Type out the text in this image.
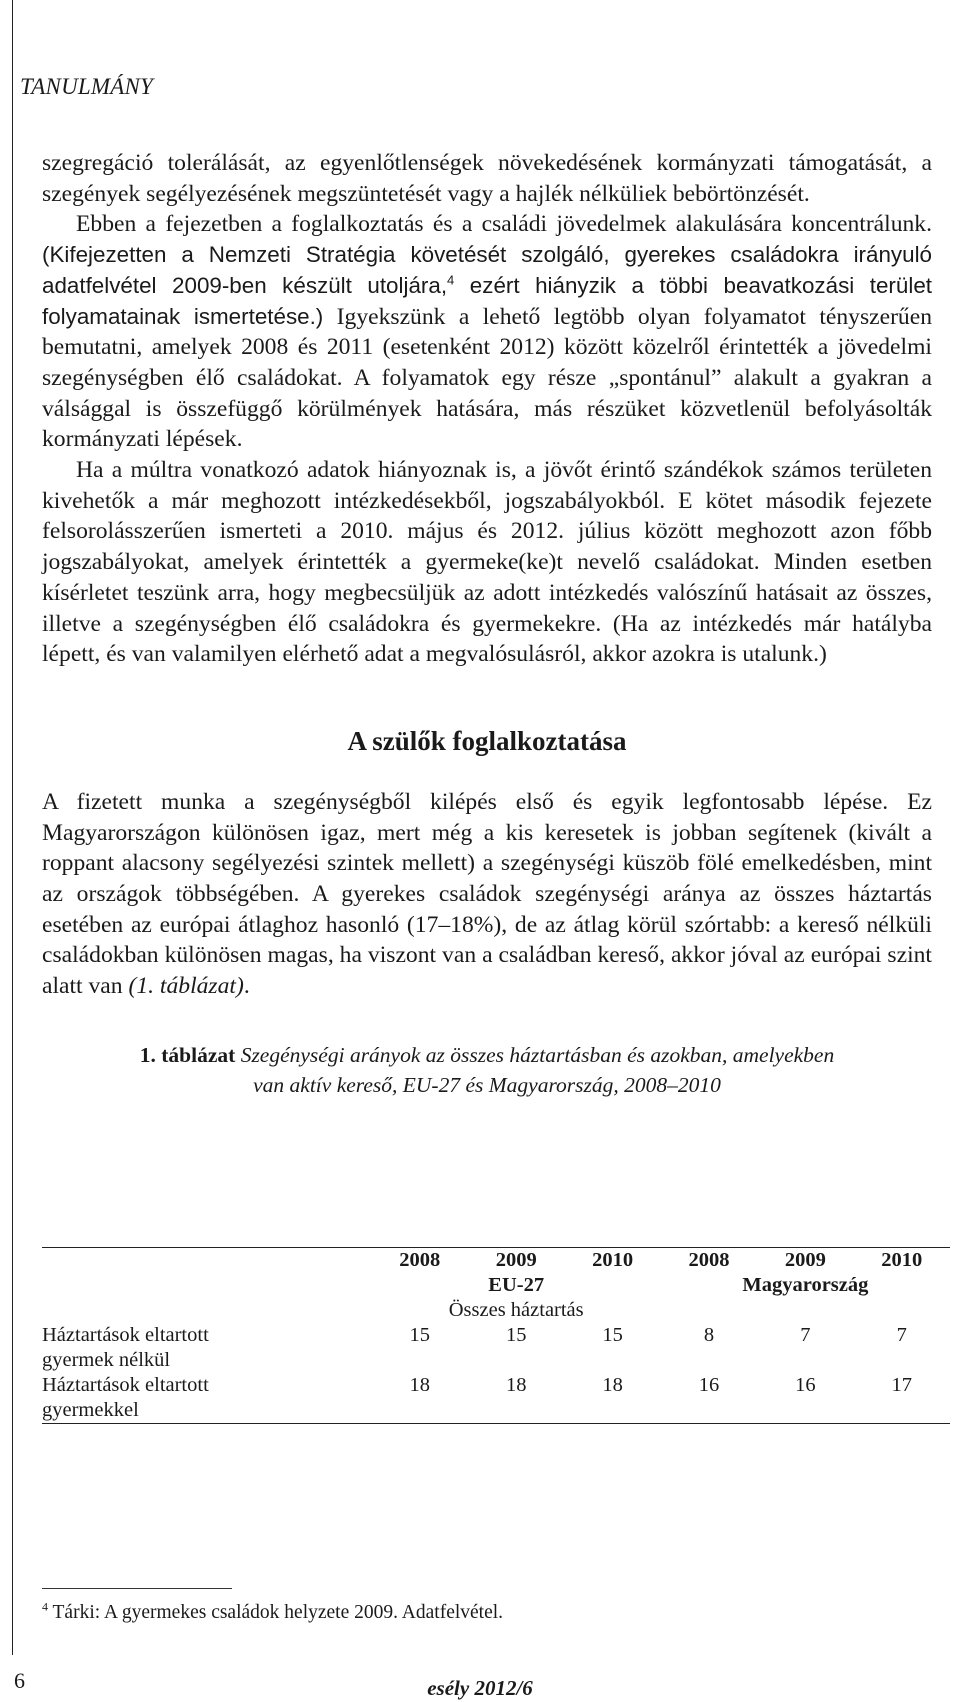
TANULMÁNY

szegregáció tolerálását, az egyenlőtlenségek növekedésének kormányzati támogatását, a szegények segélyezésének megszüntetését vagy a hajlék nélküliek bebörtönzését.

Ebben a fejezetben a foglalkoztatás és a családi jövedelmek alakulására koncentrálunk. (Kifejezetten a Nemzeti Stratégia követését szolgáló, gyerekes családokra irányuló adatfelvétel 2009-ben készült utoljára,$^4$ ezért hiányzik a többi beavatkozási terület folyamatainak ismertetése.) Igyekszünk a lehető legtöbb olyan folyamatot tényszerűen bemutatni, amelyek 2008 és 2011 (esetenként 2012) között közelről érintették a jövedelmi szegénységben élő családokat. A folyamatok egy része „spontánul” alakult a gyakran a válsággal is összefüggő körülmények hatására, más részüket közvetlenül befolyásolták kormányzati lépések.

Ha a múltra vonatkozó adatok hiányoznak is, a jövőt érintő szándékok számos területen kivehetők a már meghozott intézkedésekből, jogszabályokból. E kötet második fejezete felsorolásszerűen ismerteti a 2010. május és 2012. július között meghozott azon főbb jogszabályokat, amelyek érintették a gyermeke(ke)t nevelő családokat. Minden esetben kísérletet teszünk arra, hogy megbecsüljük az adott intézkedés valószínű hatásait az összes, illetve a szegénységben élő családokra és gyermekekre. (Ha az intézkedés már hatályba lépett, és van valamilyen elérhető adat a megvalósulásról, akkor azokra is utalunk.)

A szülők foglalkoztatása

A fizetett munka a szegénységből kilépés első és egyik legfontosabb lépése. Ez Magyarországon különösen igaz, mert még a kis keresetek is jobban segítenek (kivált a roppant alacsony segélyezési szintek mellett) a szegénységi küszöb fölé emelkedésben, mint az országok többségében. A gyerekes családok szegénységi aránya az összes háztartás esetében az európai átlaghoz hasonló (17–18%), de az átlag körül szórtabb: a kereső nélküli családokban különösen magas, ha viszont van a családban kereső, akkor jóval az európai szint alatt van (1. táblázat).

1. táblázat Szegénységi arányok az összes háztartásban és azokban, amelyekben
van aktív kereső, EU-27 és Magyarország, 2008–2010
	2008	2009	2010	2008	2009	2010
	EU-27			Magyarország		
	Összes háztartás					
Háztartások eltartott
gyermek nélkül	15	15	15	8	7	7
Háztartások eltartott
gyermekkel	18	18	18	16	16	17
$^4$ Tárki: A gyermekes családok helyzete 2009. Adatfelvétel.
6	esély 2012/6
